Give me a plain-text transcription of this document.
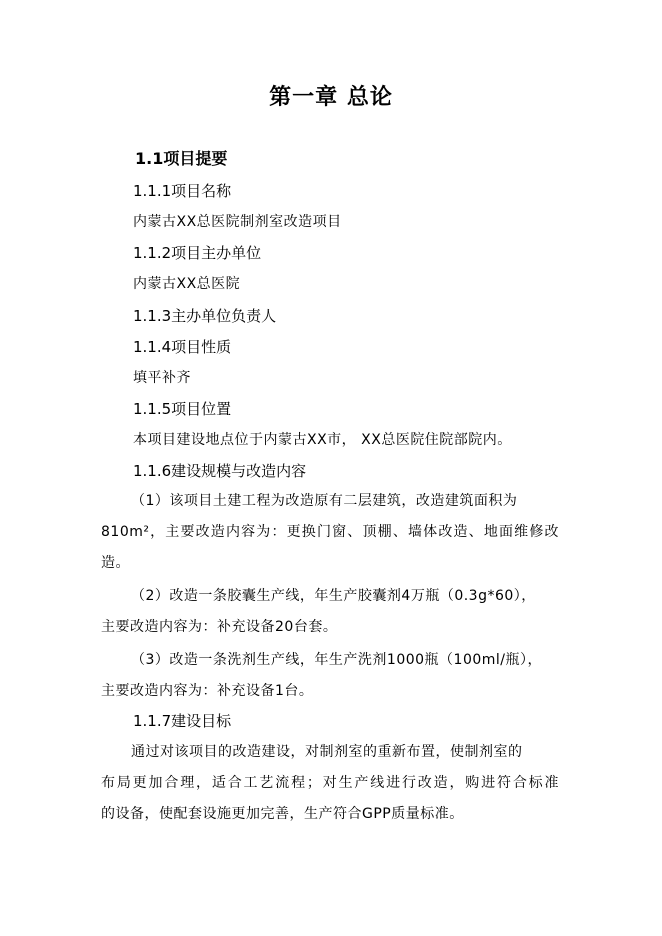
第一章 总论
1.1项目提要
1.1.1项目名称
内蒙古XX总医院制剂室改造项目
1.1.2项目主办单位
内蒙古XX总医院
1.1.3主办单位负责人
1.1.4项目性质
填平补齐
1.1.5项目位置
本项目建设地点位于内蒙古XX市， XX总医院住院部院内。
1.1.6建设规模与改造内容
（1）该项目土建工程为改造原有二层建筑，改造建筑面积为
810m²，主要改造内容为：更换门窗、顶棚、墙体改造、地面维修改
造。
（2）改造一条胶囊生产线，年生产胶囊剂4万瓶（0.3g*60），
主要改造内容为：补充设备20台套。
（3）改造一条洗剂生产线，年生产洗剂1000瓶（100ml/瓶），
主要改造内容为：补充设备1台。
1.1.7建设目标
通过对该项目的改造建设，对制剂室的重新布置，使制剂室的
布局更加合理，适合工艺流程；对生产线进行改造，购进符合标准
的设备，使配套设施更加完善，生产符合GPP质量标准。
